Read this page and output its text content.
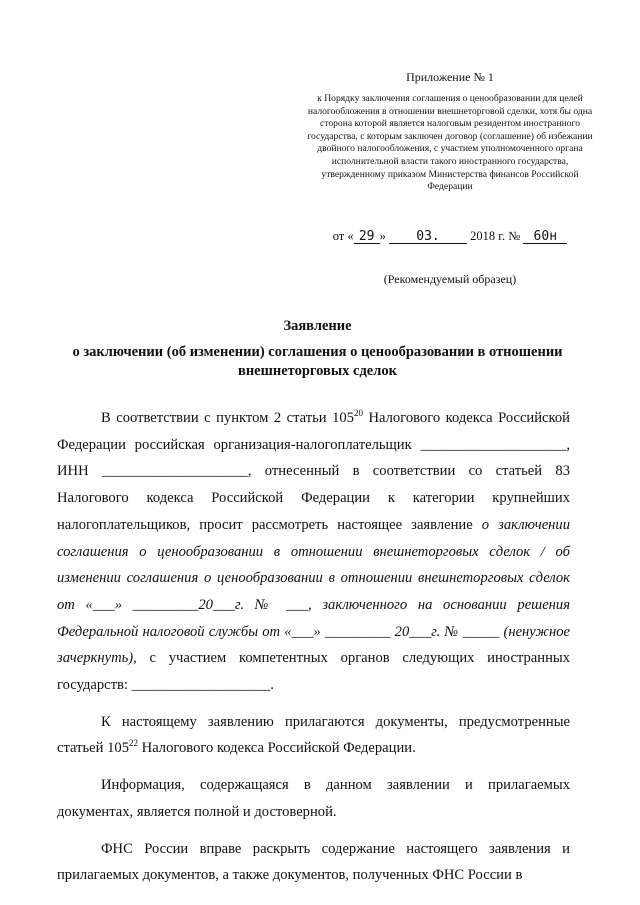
Приложение № 1
к Порядку заключения соглашения о ценообразовании для целей налогообложения в отношении внешнеторговой сделки, хотя бы одна сторона которой является налоговым резидентом иностранного государства, с которым заключен договор (соглашение) об избежании двойного налогообложения, с участием уполномоченного органа исполнительной власти такого иностранного государства, утвержденному приказом Министерства финансов Российской Федерации
от « 29 » 03. 2018 г. № 60н
(Рекомендуемый образец)
Заявление
о заключении (об изменении) соглашения о ценообразовании в отношении внешнеторговых сделок

В соответствии с пунктом 2 статьи $105^{20}$ Налогового кодекса Российской Федерации российская организация-налогоплательщик ____________________, ИНН ____________________, отнесенный в соответствии со статьей 83 Налогового кодекса Российской Федерации к категории крупнейших налогоплательщиков, просит рассмотреть настоящее заявление о заключении соглашения о ценообразовании в отношении внешнеторговых сделок / об изменении соглашения о ценообразовании в отношении внешнеторговых сделок от «___» _________20___г. № ___, заключенного на основании решения Федеральной налоговой службы от «___» _________ 20___г. № _____ (ненужное зачеркнуть), с участием компетентных органов следующих иностранных государств: ___________________.

К настоящему заявлению прилагаются документы, предусмотренные статьей $105^{22}$ Налогового кодекса Российской Федерации.

Информация, содержащаяся в данном заявлении и прилагаемых документах, является полной и достоверной.

ФНС России вправе раскрыть содержание настоящего заявления и прилагаемых документов, а также документов, полученных ФНС России в
